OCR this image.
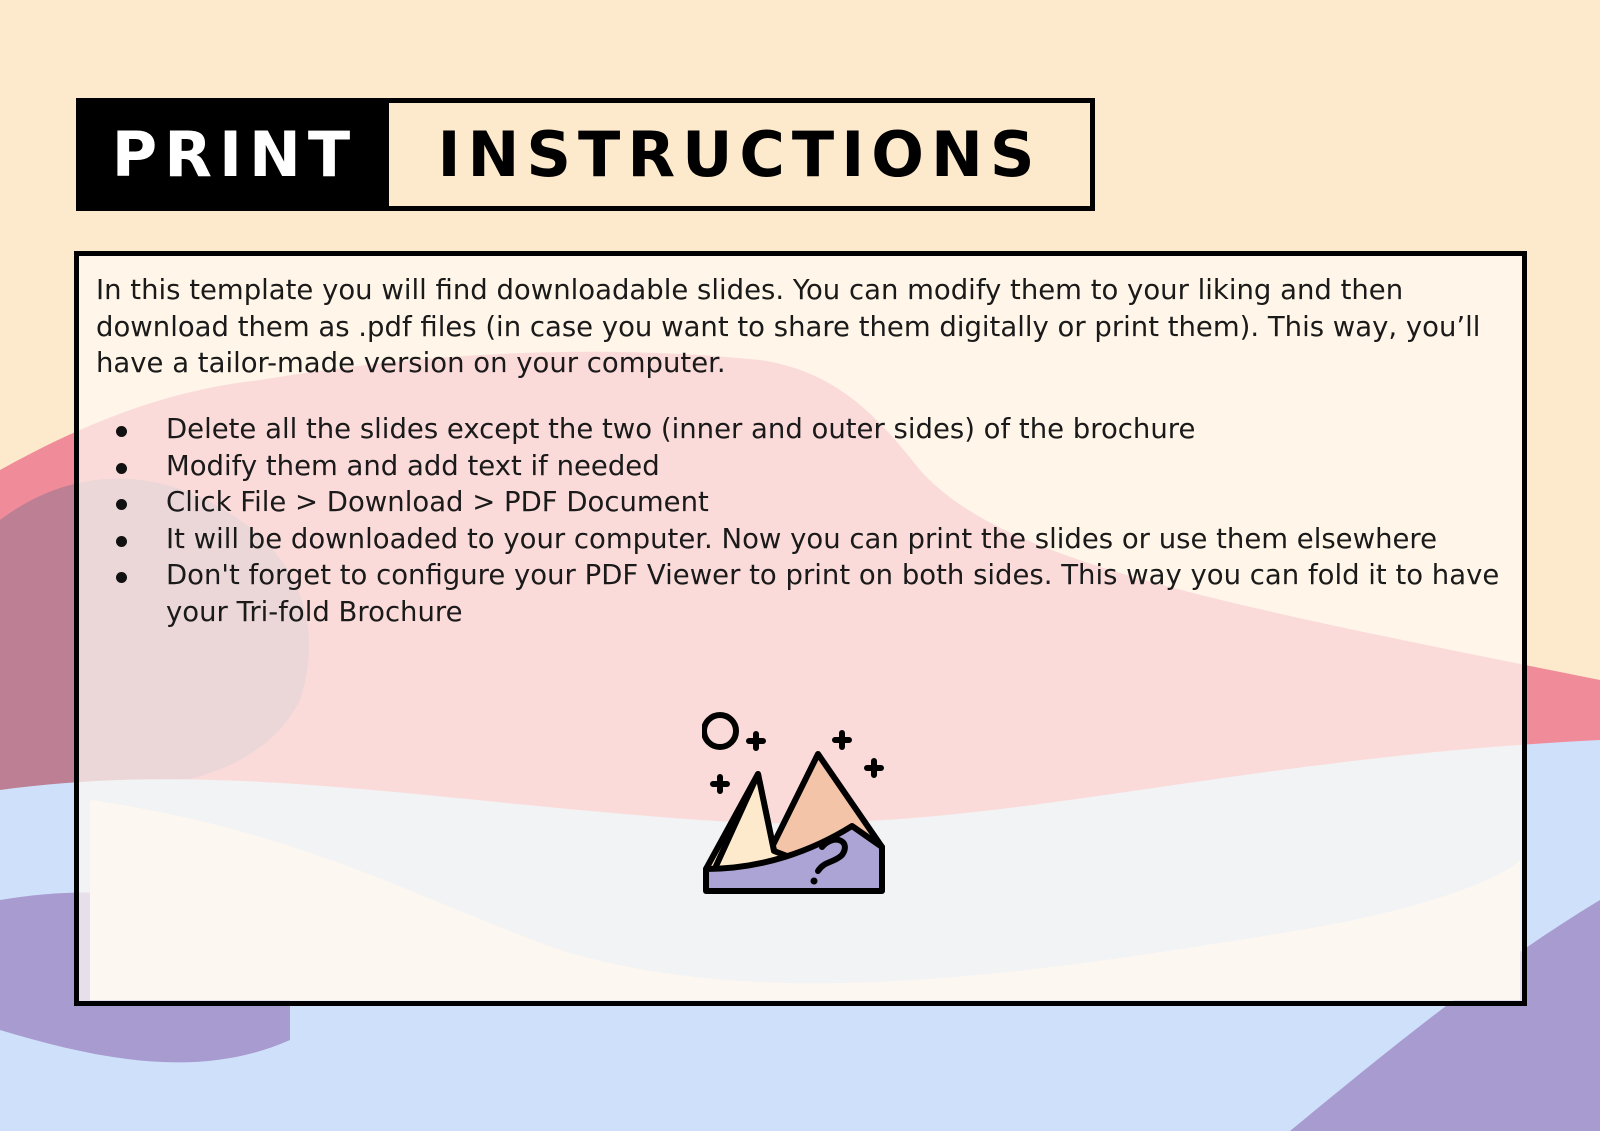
PRINT	INSTRUCTIONS

In this template you will find downloadable slides. You can modify them to your liking and then download them as .pdf files (in case you want to share them digitally or print them). This way, you’ll have a tailor-made version on your computer.

Delete all the slides except the two (inner and outer sides) of the brochure
Modify them and add text if needed
Click File > Download > PDF Document
It will be downloaded to your computer. Now you can print the slides or use them elsewhere
Don't forget to configure your PDF Viewer to print on both sides. This way you can fold it to have your Tri-fold Brochure
